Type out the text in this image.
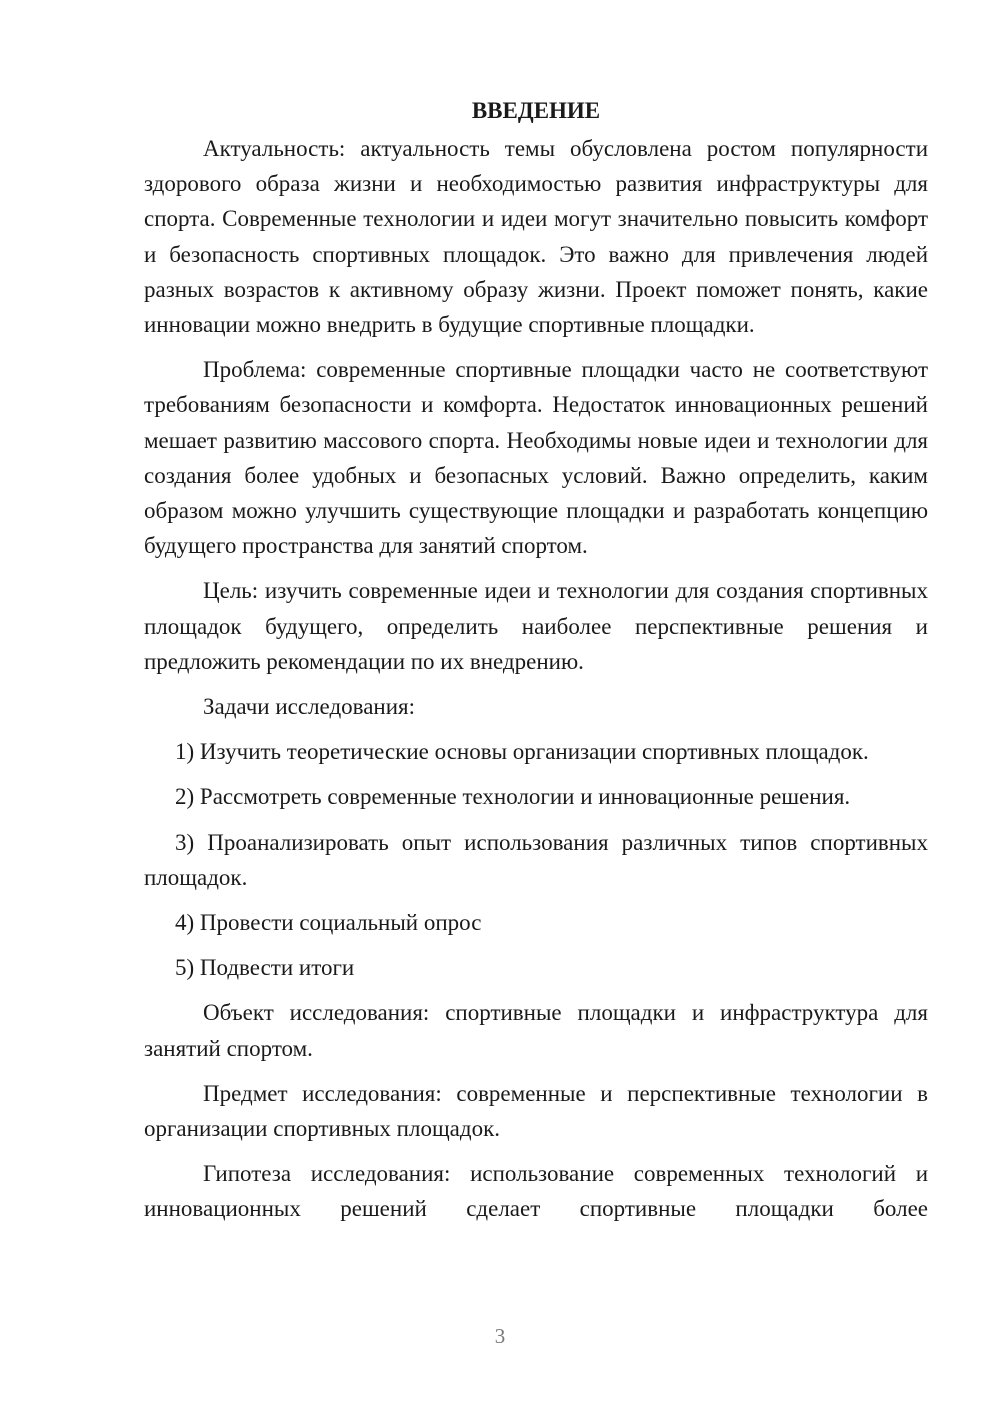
ВВЕДЕНИЕ

Актуальность: актуальность темы обусловлена ростом популярности здорового образа жизни и необходимостью развития инфраструктуры для спорта. Современные технологии и идеи могут значительно повысить комфорт и безопасность спортивных площадок. Это важно для привлечения людей разных возрастов к активному образу жизни. Проект поможет понять, какие инновации можно внедрить в будущие спортивные площадки.

Проблема: современные спортивные площадки часто не соответствуют требованиям безопасности и комфорта. Недостаток инновационных решений мешает развитию массового спорта. Необходимы новые идеи и технологии для создания более удобных и безопасных условий. Важно определить, каким образом можно улучшить существующие площадки и разработать концепцию будущего пространства для занятий спортом.

Цель: изучить современные идеи и технологии для создания спортивных площадок будущего, определить наиболее перспективные решения и предложить рекомендации по их внедрению.

Задачи исследования:

1) Изучить теоретические основы организации спортивных площадок.

2) Рассмотреть современные технологии и инновационные решения.

3) Проанализировать опыт использования различных типов спортивных площадок.

4) Провести социальный опрос

5) Подвести итоги

Объект исследования: спортивные площадки и инфраструктура для занятий спортом.

Предмет исследования: современные и перспективные технологии в организации спортивных площадок.

Гипотеза исследования: использование современных технологий и инновационных решений сделает спортивные площадки более

3
